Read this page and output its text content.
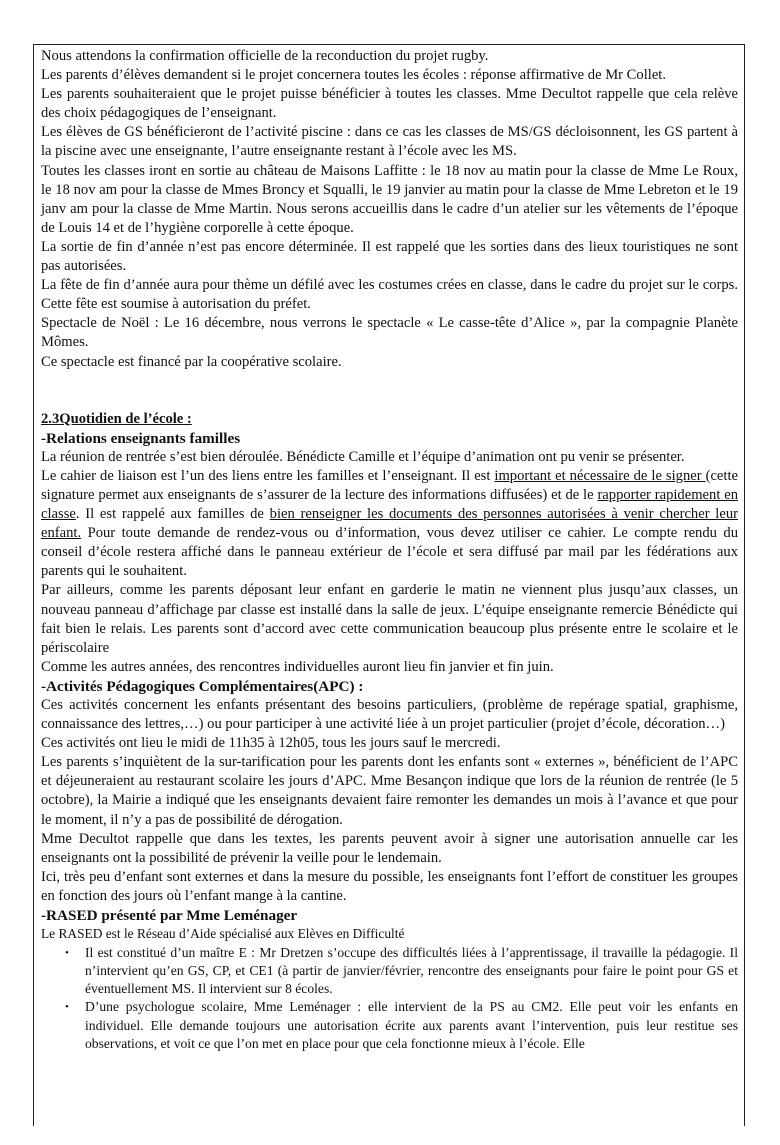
Nous attendons la confirmation officielle de la reconduction du projet rugby.

Les parents d’élèves demandent si le projet concernera toutes les écoles : réponse affirmative de Mr Collet.

Les parents souhaiteraient que le projet puisse bénéficier à toutes les classes. Mme Decultot rappelle que cela relève des choix pédagogiques de l’enseignant.

Les élèves de GS bénéficieront de l’activité piscine : dans ce cas les classes de MS/GS décloisonnent, les GS partent à la piscine avec une enseignante, l’autre enseignante restant à l’école avec les MS.

Toutes les classes iront en sortie au château de Maisons Laffitte : le 18 nov au matin pour la classe de Mme Le Roux, le 18 nov am pour la classe de Mmes Broncy et Squalli, le 19 janvier au matin pour la classe de Mme Lebreton et le 19 janv am pour la classe de Mme Martin. Nous serons accueillis dans le cadre d’un atelier sur les vêtements de l’époque de Louis 14 et de l’hygiène corporelle à cette époque.

La sortie de fin d’année n’est pas encore déterminée. Il est rappelé que les sorties dans des lieux touristiques ne sont pas autorisées.

La fête de fin d’année aura pour thème un défilé avec les costumes crées en classe, dans le cadre du projet sur le corps. Cette fête est soumise à autorisation du préfet.

Spectacle de Noël : Le 16 décembre, nous verrons le spectacle « Le casse-tête d’Alice », par la compagnie Planète Mômes.

Ce spectacle est financé par la coopérative scolaire.

2.3Quotidien de l’école :

-Relations enseignants familles

La réunion de rentrée s’est bien déroulée. Bénédicte Camille et l’équipe d’animation ont pu venir se présenter.

Le cahier de liaison est l’un des liens entre les familles et l’enseignant. Il est important et nécessaire de le signer (cette signature permet aux enseignants de s’assurer de la lecture des informations diffusées) et de le rapporter rapidement en classe. Il est rappelé aux familles de bien renseigner les documents des personnes autorisées à venir chercher leur enfant. Pour toute demande de rendez-vous ou d’information, vous devez utiliser ce cahier. Le compte rendu du conseil d’école restera affiché dans le panneau extérieur de l’école et sera diffusé par mail par les fédérations aux parents qui le souhaitent.

Par ailleurs, comme les parents déposant leur enfant en garderie le matin ne viennent plus jusqu’aux classes, un nouveau panneau d’affichage par classe est installé dans la salle de jeux. L’équipe enseignante remercie Bénédicte qui fait bien le relais. Les parents sont d’accord avec cette communication beaucoup plus présente entre le scolaire et le périscolaire

Comme les autres années, des rencontres individuelles auront lieu fin janvier et fin juin.

-Activités Pédagogiques Complémentaires(APC) :

Ces activités concernent les enfants présentant des besoins particuliers, (problème de repérage spatial, graphisme, connaissance des lettres,…) ou pour participer à une activité liée à un projet particulier (projet d’école, décoration…)

Ces activités ont lieu le midi de 11h35 à 12h05, tous les jours sauf le mercredi.

Les parents s’inquiètent de la sur-tarification pour les parents dont les enfants sont « externes », bénéficient de l’APC et déjeuneraient au restaurant scolaire les jours d’APC. Mme Besançon indique que lors de la réunion de rentrée (le 5 octobre), la Mairie a indiqué que les enseignants devaient faire remonter les demandes un mois à l’avance et que pour le moment, il n’y a pas de possibilité de dérogation.

Mme Decultot rappelle que dans les textes, les parents peuvent avoir à signer une autorisation annuelle car les enseignants ont la possibilité de prévenir la veille pour le lendemain.

Ici, très peu d’enfant sont externes et dans la mesure du possible, les enseignants font l’effort de constituer les groupes en fonction des jours où l’enfant mange à la cantine.

-RASED présenté par Mme Leménager

Le RASED est le Réseau d’Aide spécialisé aux Elèves en Difficulté

• Il est constitué d’un maître E : Mr Dretzen s’occupe des difficultés liées à l’apprentissage, il travaille la pédagogie. Il n’intervient qu’en GS, CP, et CE1 (à partir de janvier/février, rencontre des enseignants pour faire le point pour GS et éventuellement MS. Il intervient sur 8 écoles.
• D’une psychologue scolaire, Mme Leménager : elle intervient de la PS au CM2. Elle peut voir les enfants en individuel. Elle demande toujours une autorisation écrite aux parents avant l’intervention, puis leur restitue ses observations, et voit ce que l’on met en place pour que cela fonctionne mieux à l’école. Elle
